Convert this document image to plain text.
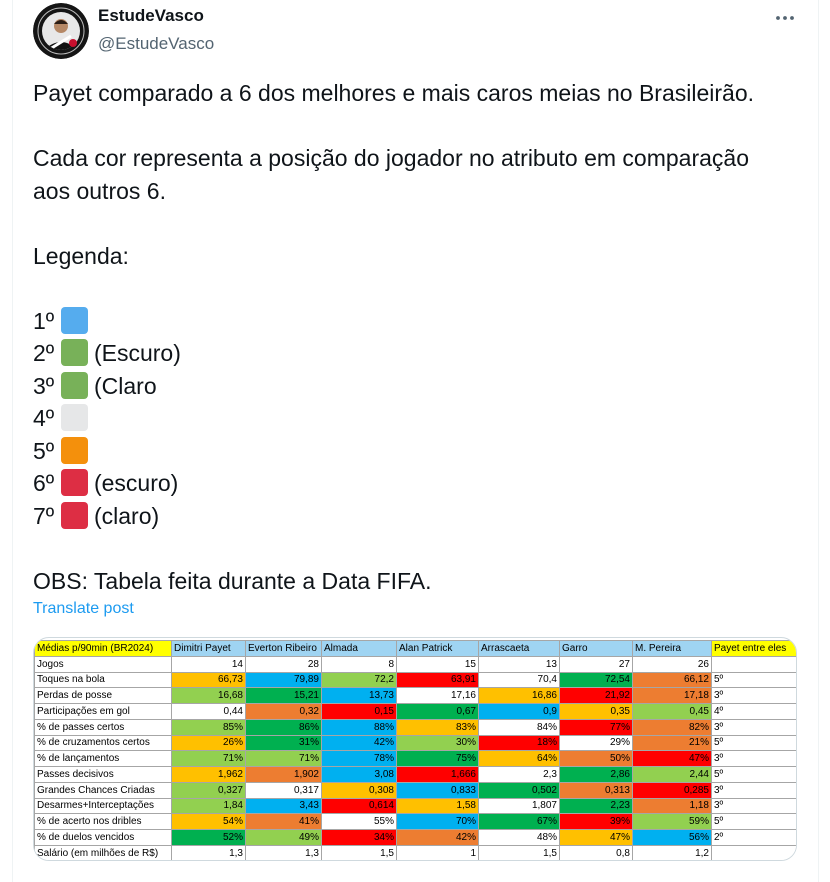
EstudeVasco
@EstudeVasco

Payet comparado a 6 dos melhores e mais caros meias no Brasileirão.

Cada cor representa a posição do jogador no atributo em comparação aos outros 6.

Legenda:

1º
2º (Escuro)
3º (Claro
4º
5º
6º (escuro)
7º (claro)

OBS: Tabela feita durante a Data FIFA.

Translate post
Médias p/90min (BR2024)	Dimitri Payet	Everton Ribeiro	Almada	Alan Patrick	Arrascaeta	Garro	M. Pereira	Payet entre eles
Jogos	14	28	8	15	13	27	26	
Toques na bola	66,73	79,89	72,2	63,91	70,4	72,54	66,12	5º
Perdas de posse	16,68	15,21	13,73	17,16	16,86	21,92	17,18	3º
Participações em gol	0,44	0,32	0,15	0,67	0,9	0,35	0,45	4º
% de passes certos	85%	86%	88%	83%	84%	77%	82%	3º
% de cruzamentos certos	26%	31%	42%	30%	18%	29%	21%	5º
% de lançamentos	71%	71%	78%	75%	64%	50%	47%	3º
Passes decisivos	1,962	1,902	3,08	1,666	2,3	2,86	2,44	5º
Grandes Chances Criadas	0,327	0,317	0,308	0,833	0,502	0,313	0,285	3º
Desarmes+Interceptações	1,84	3,43	0,614	1,58	1,807	2,23	1,18	3º
% de acerto nos dribles	54%	41%	55%	70%	67%	39%	59%	5º
% de duelos vencidos	52%	49%	34%	42%	48%	47%	56%	2º
Salário (em milhões de R$)	1,3	1,3	1,5	1	1,5	0,8	1,2	
